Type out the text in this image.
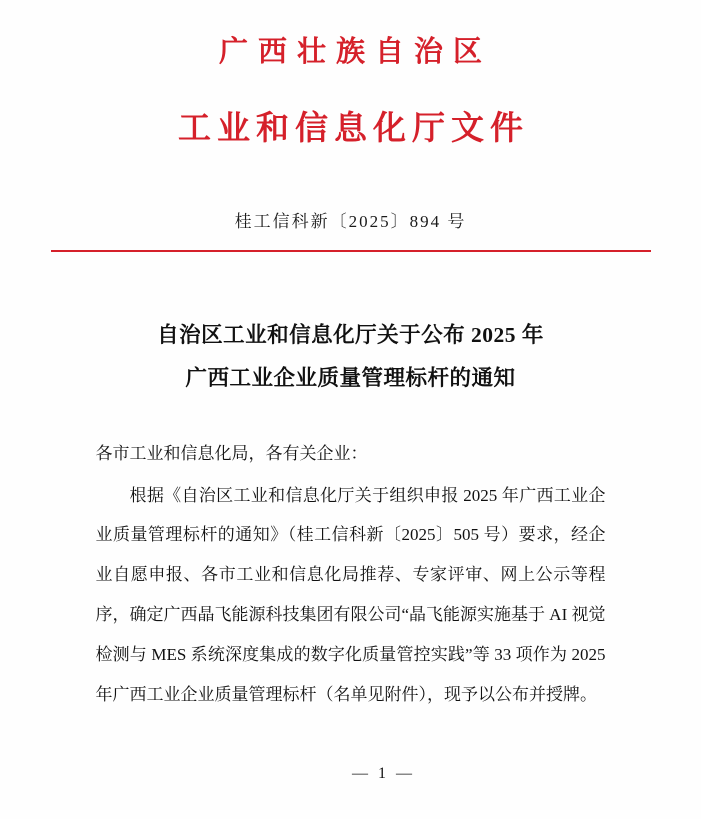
广西壮族自治区
工业和信息化厅文件
桂工信科新〔2025〕894 号
自治区工业和信息化厅关于公布 2025 年
广西工业企业质量管理标杆的通知
各市工业和信息化局，各有关企业：
根据《自治区工业和信息化厅关于组织申报 2025 年广西工业企业质量管理标杆的通知》（桂工信科新〔2025〕505 号）要求，经企业自愿申报、各市工业和信息化局推荐、专家评审、网上公示等程序，确定广西晶飞能源科技集团有限公司“晶飞能源实施基于 AI 视觉检测与 MES 系统深度集成的数字化质量管控实践”等 33 项作为 2025 年广西工业企业质量管理标杆（名单见附件），现予以公布并授牌。
— 1 —
